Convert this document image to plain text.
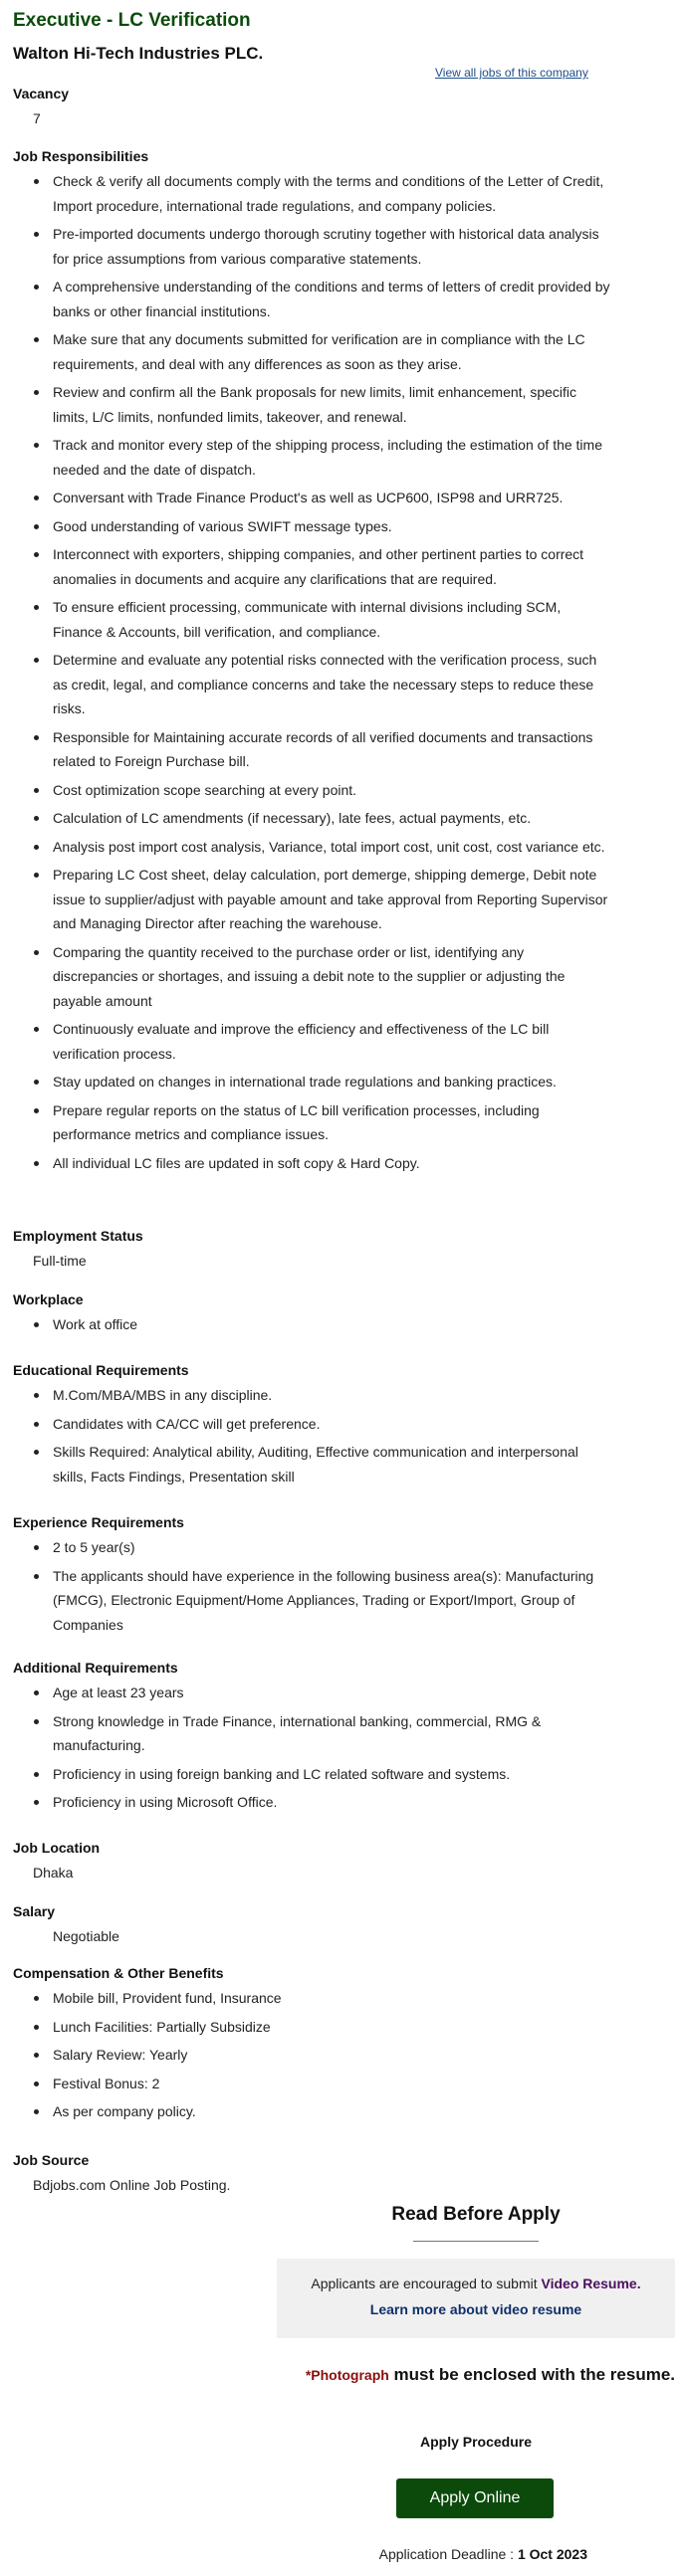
Executive - LC Verification
Walton Hi-Tech Industries PLC.
View all jobs of this company
Vacancy
7
Job Responsibilities
Check & verify all documents comply with the terms and conditions of the Letter of Credit, Import procedure, international trade regulations, and company policies.
Pre-imported documents undergo thorough scrutiny together with historical data analysis for price assumptions from various comparative statements.
A comprehensive understanding of the conditions and terms of letters of credit provided by banks or other financial institutions.
Make sure that any documents submitted for verification are in compliance with the LC requirements, and deal with any differences as soon as they arise.
Review and confirm all the Bank proposals for new limits, limit enhancement, specific limits, L/C limits, nonfunded limits, takeover, and renewal.
Track and monitor every step of the shipping process, including the estimation of the time needed and the date of dispatch.
Conversant with Trade Finance Product's as well as UCP600, ISP98 and URR725.
Good understanding of various SWIFT message types.
Interconnect with exporters, shipping companies, and other pertinent parties to correct anomalies in documents and acquire any clarifications that are required.
To ensure efficient processing, communicate with internal divisions including SCM, Finance & Accounts, bill verification, and compliance.
Determine and evaluate any potential risks connected with the verification process, such as credit, legal, and compliance concerns and take the necessary steps to reduce these risks.
Responsible for Maintaining accurate records of all verified documents and transactions related to Foreign Purchase bill.
Cost optimization scope searching at every point.
Calculation of LC amendments (if necessary), late fees, actual payments, etc.
Analysis post import cost analysis, Variance, total import cost, unit cost, cost variance etc.
Preparing LC Cost sheet, delay calculation, port demerge, shipping demerge, Debit note issue to supplier/adjust with payable amount and take approval from Reporting Supervisor and Managing Director after reaching the warehouse.
Comparing the quantity received to the purchase order or list, identifying any discrepancies or shortages, and issuing a debit note to the supplier or adjusting the payable amount
Continuously evaluate and improve the efficiency and effectiveness of the LC bill verification process.
Stay updated on changes in international trade regulations and banking practices.
Prepare regular reports on the status of LC bill verification processes, including performance metrics and compliance issues.
All individual LC files are updated in soft copy & Hard Copy.
Employment Status
Full-time
Workplace
Work at office
Educational Requirements
M.Com/MBA/MBS in any discipline.
Candidates with CA/CC will get preference.
Skills Required: Analytical ability, Auditing, Effective communication and interpersonal skills, Facts Findings, Presentation skill
Experience Requirements
2 to 5 year(s)
The applicants should have experience in the following business area(s): Manufacturing (FMCG), Electronic Equipment/Home Appliances, Trading or Export/Import, Group of Companies
Additional Requirements
Age at least 23 years
Strong knowledge in Trade Finance, international banking, commercial, RMG & manufacturing.
Proficiency in using foreign banking and LC related software and systems.
Proficiency in using Microsoft Office.
Job Location
Dhaka
Salary
Negotiable
Compensation & Other Benefits
Mobile bill, Provident fund, Insurance
Lunch Facilities: Partially Subsidize
Salary Review: Yearly
Festival Bonus: 2
As per company policy.
Job Source
Bdjobs.com Online Job Posting.
Read Before Apply
Applicants are encouraged to submit Video Resume.
Learn more about video resume
*Photograph must be enclosed with the resume.
Apply Procedure
Apply Online
Application Deadline : 1 Oct 2023
